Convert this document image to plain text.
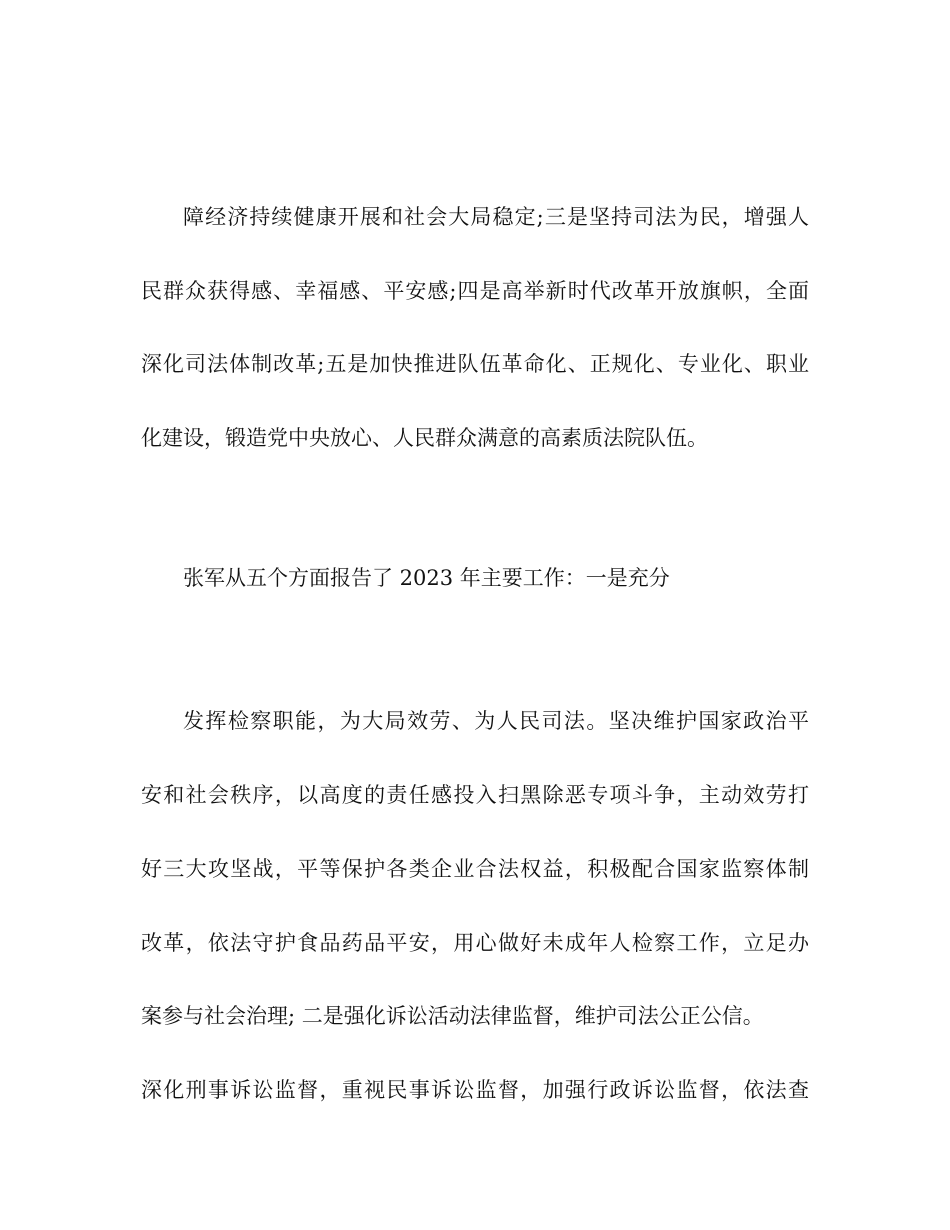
障经济持续健康开展和社会大局稳定;三是坚持司法为民，增强人
民群众获得感、幸福感、平安感;四是高举新时代改革开放旗帜，全面
深化司法体制改革;五是加快推进队伍革命化、正规化、专业化、职业
化建设，锻造党中央放心、人民群众满意的高素质法院队伍。
张军从五个方面报告了 2023 年主要工作：一是充分
发挥检察职能，为大局效劳、为人民司法。坚决维护国家政治平
安和社会秩序，以高度的责任感投入扫黑除恶专项斗争，主动效劳打
好三大攻坚战，平等保护各类企业合法权益，积极配合国家监察体制
改革，依法守护食品药品平安，用心做好未成年人检察工作，立足办
案参与社会治理; 二是强化诉讼活动法律监督，维护司法公正公信。
深化刑事诉讼监督，重视民事诉讼监督，加强行政诉讼监督，依法查
